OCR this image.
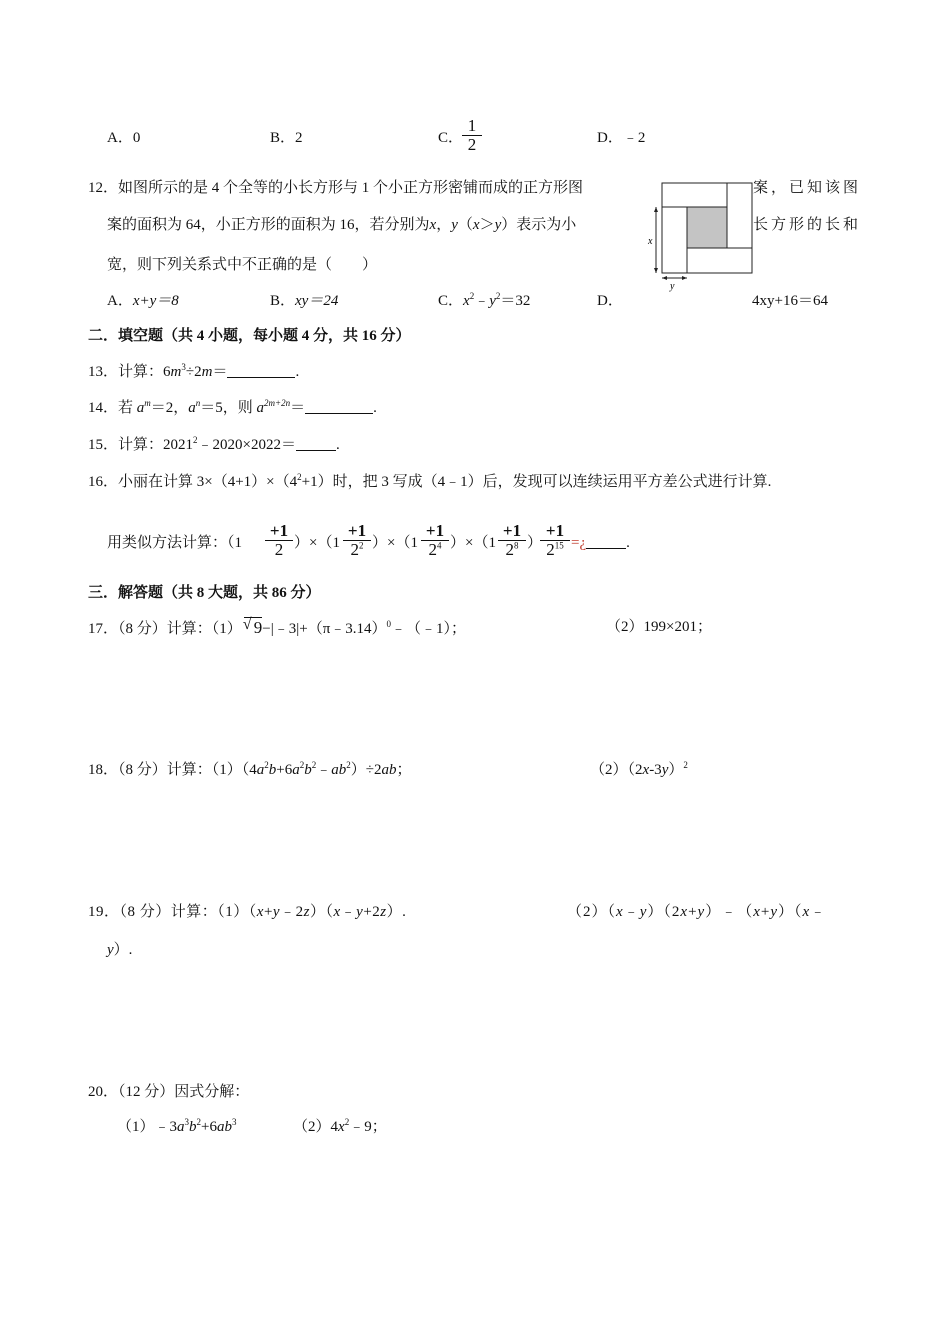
A．0	B．2	C．
$\frac{1}{2}$	D．﹣2
12．如图所示的是 4 个全等的小长方形与 1 个小正方形密铺而成的正方形图	案，已知该图
案的面积为 64，小正方形的面积为 16，若分别为x，y（x＞y）表示为小	长方形的长和
宽，则下列关系式中不正确的是（　　）
x
y
A．x+y＝8	B．xy＝24	C．$x^2﹣y^2=32$	D．	4xy+16＝64
二．填空题（共 4 小题，每小题 4 分，共 16 分）
13．计算：$6m^3\div 2m=$	.
14．若 $a^m=2$，$a^n=5$，则 $a^{2m+2n}=$	.
15．计算：$2021^2﹣2020\times 2022=$	.
16．小丽在计算 $3\times(4+1)\times(4^2+1)$时，把 3 写成（4﹣1）后，发现可以连续运用平方差公式进行计算.
用类似方法计算：$(1 \frac{+1}{2} )\times(1 \frac{+1}{2^2} )\times(1 \frac{+1}{2^4} )\times(1 \frac{+1}{2^8}$ ）
$\frac{+1}{2^{15}}$ =¿	.
三．解答题（共 8 大题，共 86 分）
17．（8 分）计算：（1） √ 9−|﹣3|+（π﹣3.14）$^0$﹣（﹣1）；	（2）199×201；
18．（8 分）计算：$(1)(4a^2b+6a^2b^2﹣ab^2)\div 2ab$；	$(2)(2x-3y)^2$
19．（8 分）计算：（1）（x+y﹣2z）（x﹣y+2z）.	（2）（x﹣y）（2x+y）﹣（x+y）（x﹣
y）.
20．（12 分）因式分解：
$(1)﹣3a^3b^2+6ab^3$	$(2)4x^2﹣9$；
